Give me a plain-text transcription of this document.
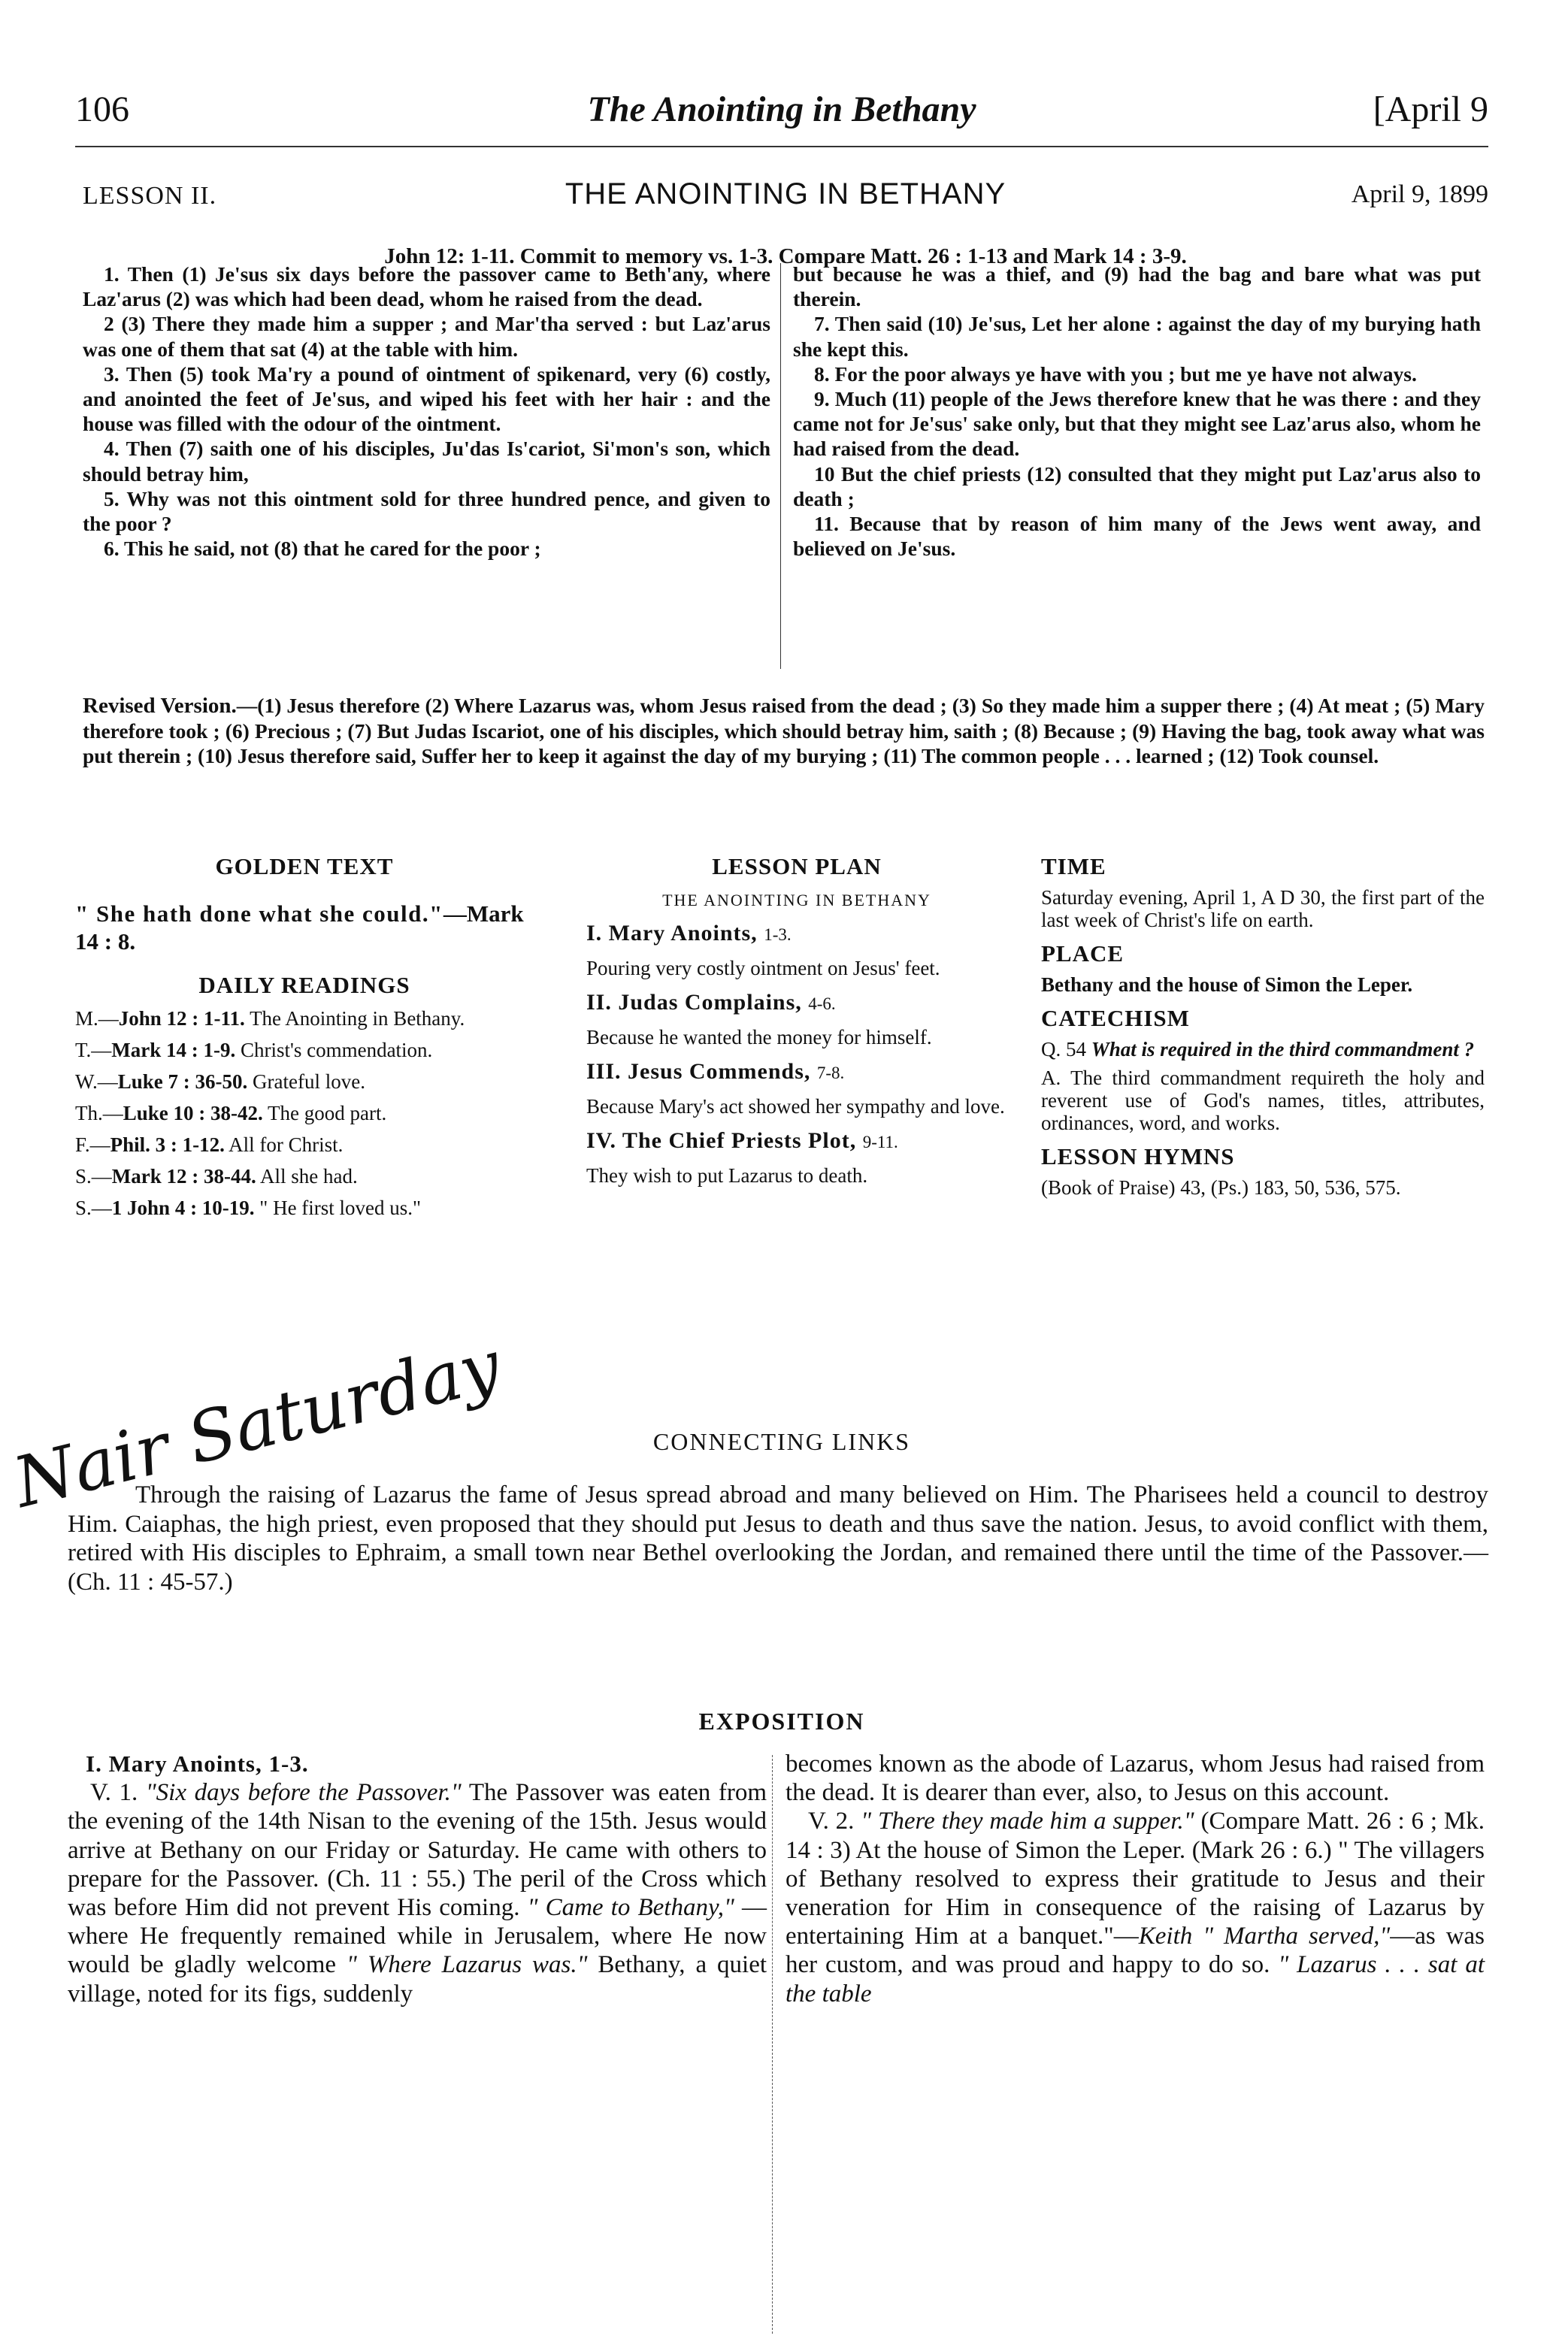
106	The Anointing in Bethany	[April 9
LESSON II.	THE ANOINTING IN BETHANY	April 9, 1899
John 12: 1-11. Commit to memory vs. 1-3. Compare Matt. 26 : 1-13 and Mark 14 : 3-9.

1. Then (1) Je'sus six days before the passover came to Beth'any, where Laz'arus (2) was which had been dead, whom he raised from the dead.

2 (3) There they made him a supper ; and Mar'tha served : but Laz'arus was one of them that sat (4) at the table with him.

3. Then (5) took Ma'ry a pound of ointment of spikenard, very (6) costly, and anointed the feet of Je'sus, and wiped his feet with her hair : and the house was filled with the odour of the ointment.

4. Then (7) saith one of his disciples, Ju'das Is'cariot, Si'mon's son, which should betray him,

5. Why was not this ointment sold for three hundred pence, and given to the poor ?

6. This he said, not (8) that he cared for the poor ;

but because he was a thief, and (9) had the bag and bare what was put therein.

7. Then said (10) Je'sus, Let her alone : against the day of my burying hath she kept this.

8. For the poor always ye have with you ; but me ye have not always.

9. Much (11) people of the Jews therefore knew that he was there : and they came not for Je'sus' sake only, but that they might see Laz'arus also, whom he had raised from the dead.

10 But the chief priests (12) consulted that they might put Laz'arus also to death ;

11. Because that by reason of him many of the Jews went away, and believed on Je'sus.

Revised Version.—(1) Jesus therefore (2) Where Lazarus was, whom Jesus raised from the dead ; (3) So they made him a supper there ; (4) At meat ; (5) Mary therefore took ; (6) Precious ; (7) But Judas Iscariot, one of his disciples, which should betray him, saith ; (8) Because ; (9) Having the bag, took away what was put therein ; (10) Jesus therefore said, Suffer her to keep it against the day of my burying ; (11) The common people . . . learned ; (12) Took counsel.

GOLDEN TEXT

" She hath done what she could."—Mark 14 : 8.

DAILY READINGS

M.—John 12 : 1-11. The Anointing in Bethany.

T.—Mark 14 : 1-9. Christ's commendation.

W.—Luke 7 : 36-50. Grateful love.

Th.—Luke 10 : 38-42. The good part.

F.—Phil. 3 : 1-12. All for Christ.

S.—Mark 12 : 38-44. All she had.

S.—1 John 4 : 10-19. " He first loved us."

LESSON PLAN

THE ANOINTING IN BETHANY

I. Mary Anoints, 1-3.

Pouring very costly ointment on Jesus' feet.

II. Judas Complains, 4-6.

Because he wanted the money for himself.

III. Jesus Commends, 7-8.

Because Mary's act showed her sympathy and love.

IV. The Chief Priests Plot, 9-11.

They wish to put Lazarus to death.

TIME

Saturday evening, April 1, A D 30, the first part of the last week of Christ's life on earth.

PLACE

Bethany and the house of Simon the Leper.

CATECHISM

Q. 54 What is required in the third commandment ?

A. The third commandment requireth the holy and reverent use of God's names, titles, attributes, ordinances, word, and works.

LESSON HYMNS

(Book of Praise) 43, (Ps.) 183, 50, 536, 575.

Nair Saturday	CONNECTING LINKS

Through the raising of Lazarus the fame of Jesus spread abroad and many believed on Him. The Pharisees held a council to destroy Him. Caiaphas, the high priest, even proposed that they should put Jesus to death and thus save the nation. Jesus, to avoid conflict with them, retired with His disciples to Ephraim, a small town near Bethel overlooking the Jordan, and remained there until the time of the Passover.—(Ch. 11 : 45-57.)

EXPOSITION

I. Mary Anoints, 1-3.

V. 1. "Six days before the Passover." The Passover was eaten from the evening of the 14th Nisan to the evening of the 15th. Jesus would arrive at Bethany on our Friday or Saturday. He came with others to prepare for the Passover. (Ch. 11 : 55.) The peril of the Cross which was before Him did not prevent His coming. " Came to Bethany," — where He frequently remained while in Jerusalem, where He now would be gladly welcome " Where Lazarus was." Bethany, a quiet village, noted for its figs, suddenly

becomes known as the abode of Lazarus, whom Jesus had raised from the dead. It is dearer than ever, also, to Jesus on this account.

V. 2. " There they made him a supper." (Compare Matt. 26 : 6 ; Mk. 14 : 3) At the house of Simon the Leper. (Mark 26 : 6.) " The villagers of Bethany resolved to express their gratitude to Jesus and their veneration for Him in consequence of the raising of Lazarus by entertaining Him at a banquet."—Keith " Martha served,"—as was her custom, and was proud and happy to do so. " Lazarus . . . sat at the table
